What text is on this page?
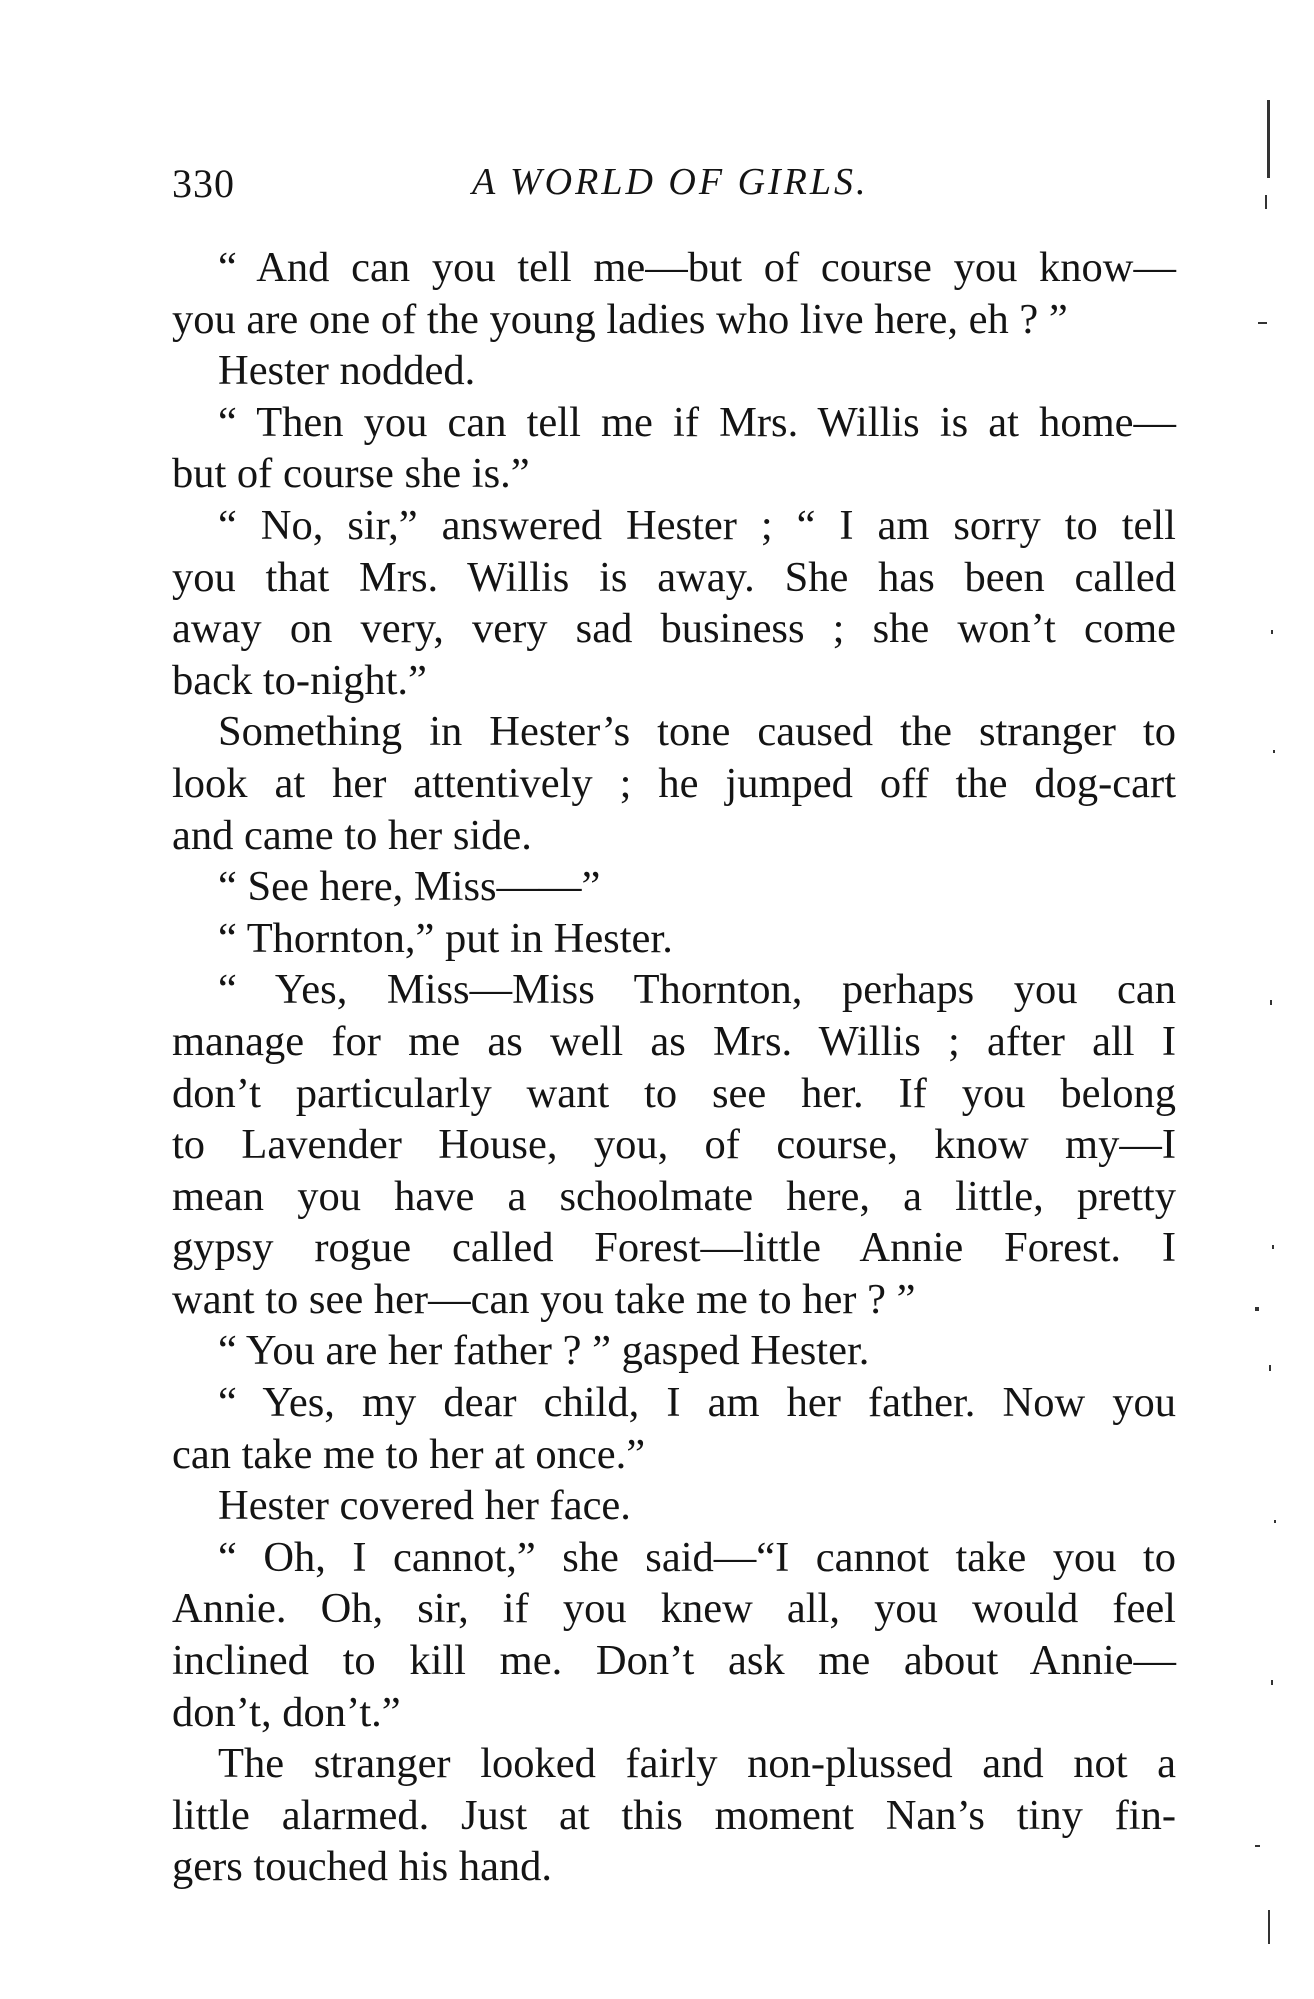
330	A WORLD OF GIRLS.
“ And can you tell me—but of course you know—
you are one of the young ladies who live here, eh ? ”
Hester nodded.
“ Then you can tell me if Mrs. Willis is at home—
but of course she is.”
“ No, sir,” answered Hester ; “ I am sorry to tell
you that Mrs. Willis is away. She has been called
away on very, very sad business ; she won’t come
back to-night.”
Something in Hester’s tone caused the stranger to
look at her attentively ; he jumped off the dog-cart
and came to her side.
“ See here, Miss——”
“ Thornton,” put in Hester.
“ Yes, Miss—Miss Thornton, perhaps you can
manage for me as well as Mrs. Willis ; after all I
don’t particularly want to see her. If you belong
to Lavender House, you, of course, know my—I
mean you have a schoolmate here, a little, pretty
gypsy rogue called Forest—little Annie Forest. I
want to see her—can you take me to her ? ”
“ You are her father ? ” gasped Hester.
“ Yes, my dear child, I am her father. Now you
can take me to her at once.”
Hester covered her face.
“ Oh, I cannot,” she said—“I cannot take you to
Annie. Oh, sir, if you knew all, you would feel
inclined to kill me. Don’t ask me about Annie—
don’t, don’t.”
The stranger looked fairly non-plussed and not a
little alarmed. Just at this moment Nan’s tiny fin-
gers touched his hand.
